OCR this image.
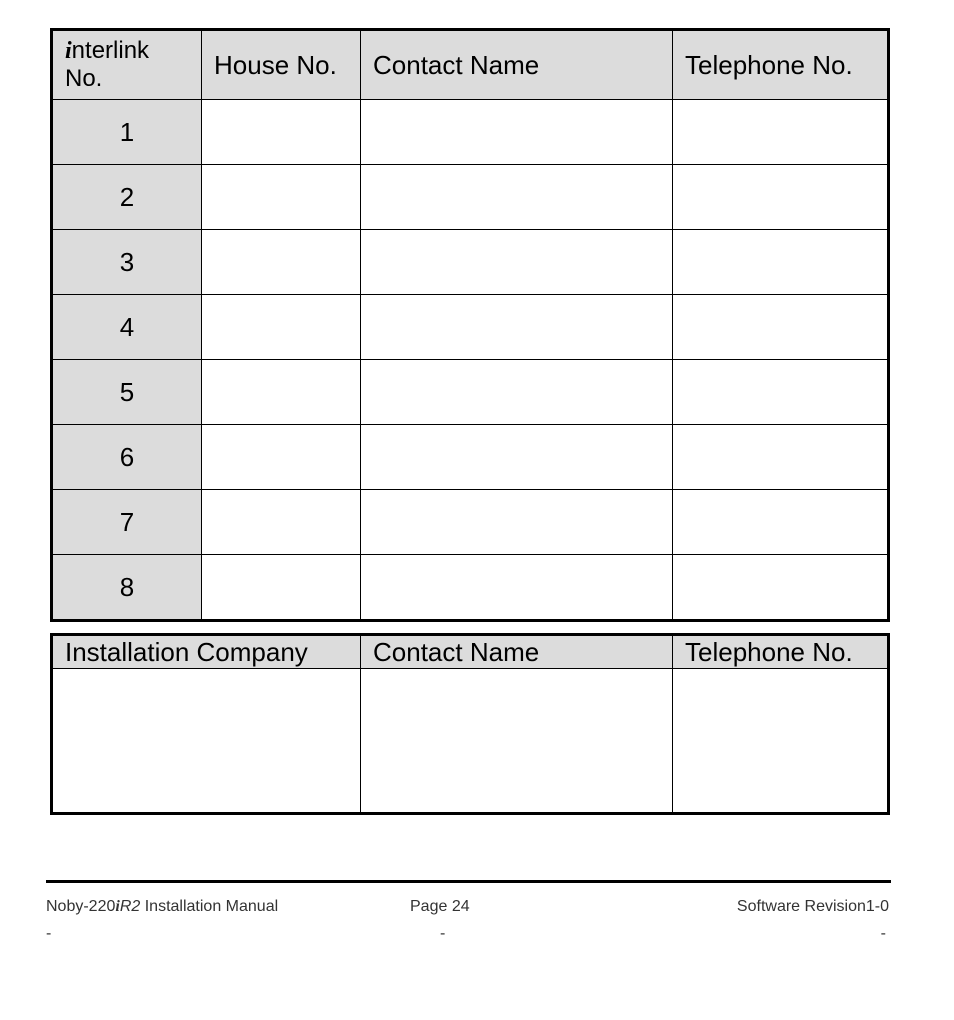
interlink
No.	House No.	Contact Name	Telephone No.
1			
2			
3			
4			
5			
6			
7			
8			
Installation Company	Contact Name	Telephone No.

Noby-220iR2 Installation Manual	Page 24	Software Revision1-0
-	-	-
